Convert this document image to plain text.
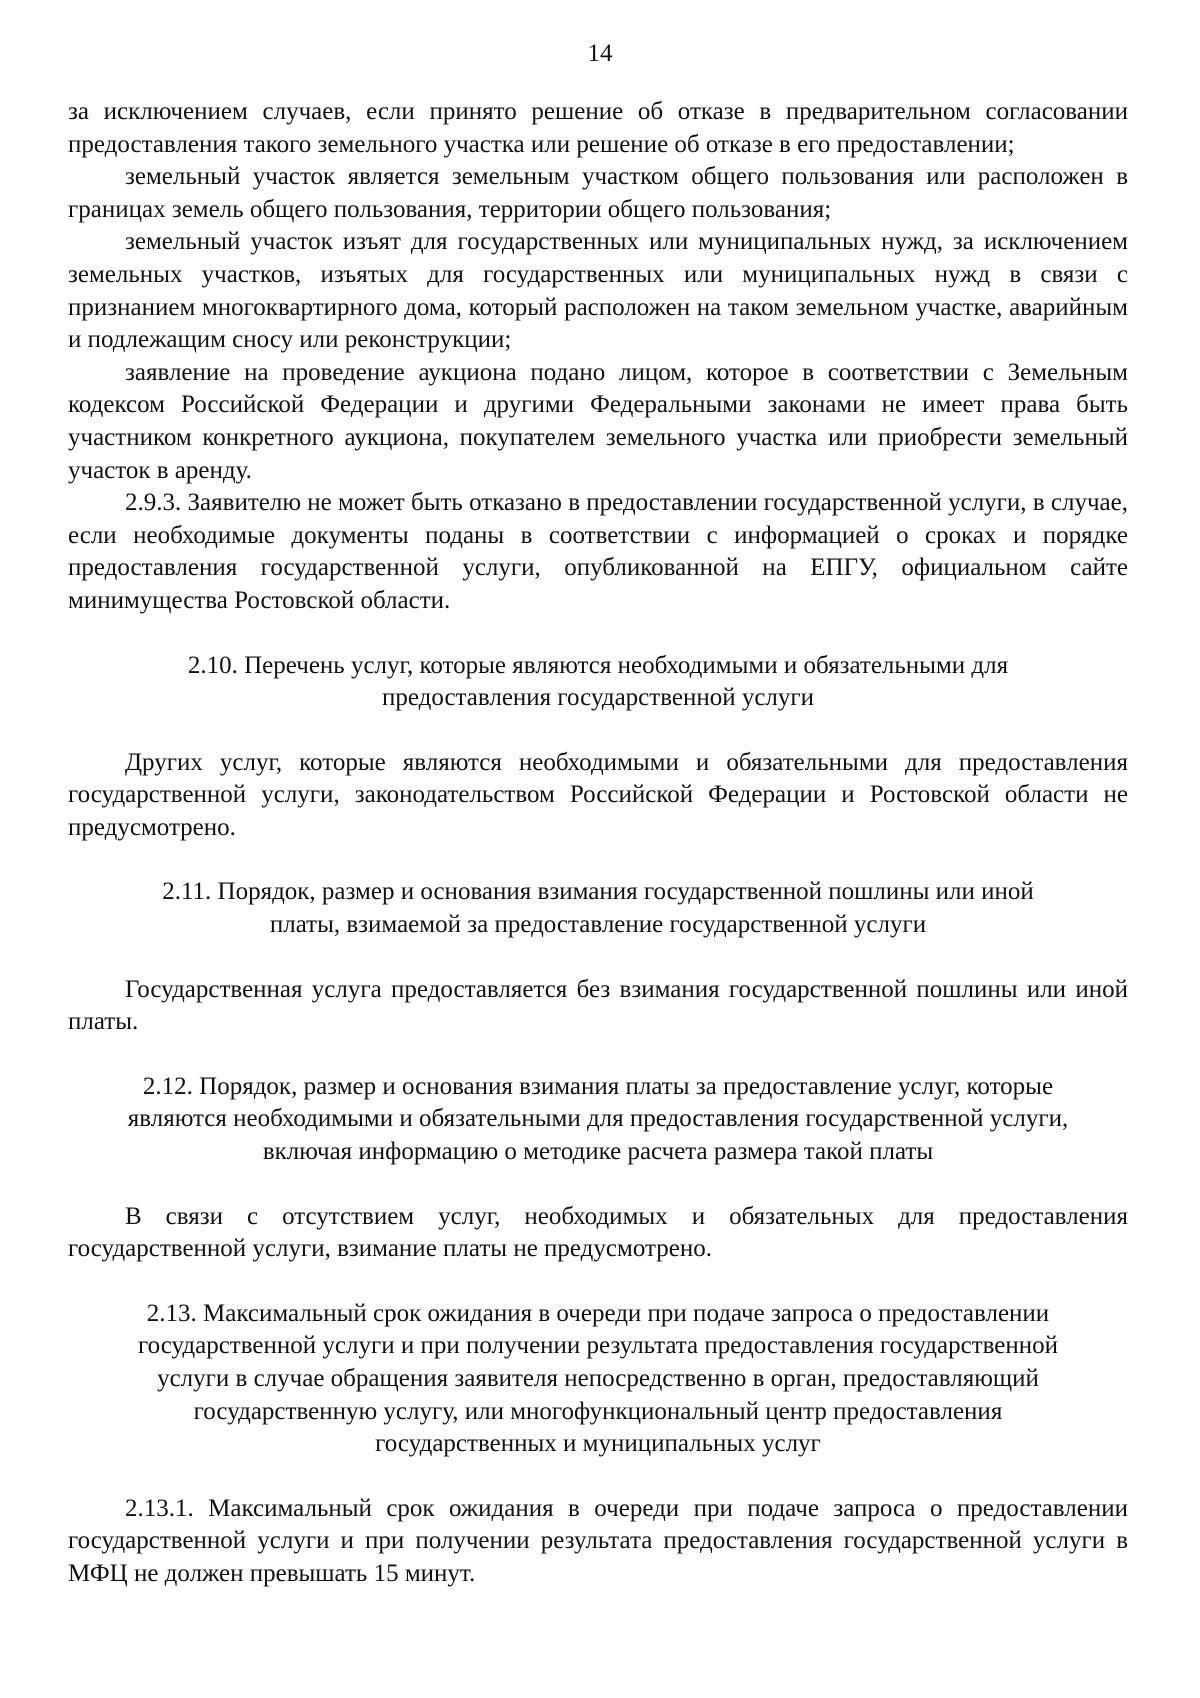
14

за исключением случаев, если принято решение об отказе в предварительном согласовании предоставления такого земельного участка или решение об отказе в его предоставлении;

земельный участок является земельным участком общего пользования или расположен в границах земель общего пользования, территории общего пользования;

земельный участок изъят для государственных или муниципальных нужд, за исключением земельных участков, изъятых для государственных или муниципальных нужд в связи с признанием многоквартирного дома, который расположен на таком земельном участке, аварийным и подлежащим сносу или реконструкции;

заявление на проведение аукциона подано лицом, которое в соответствии с Земельным кодексом Российской Федерации и другими Федеральными законами не имеет права быть участником конкретного аукциона, покупателем земельного участка или приобрести земельный участок в аренду.

2.9.3. Заявителю не может быть отказано в предоставлении государственной услуги, в случае, если необходимые документы поданы в соответствии с информацией о сроках и порядке предоставления государственной услуги, опубликованной на ЕПГУ, официальном сайте минимущества Ростовской области.

2.10. Перечень услуг, которые являются необходимыми и обязательными для
предоставления государственной услуги

Других услуг, которые являются необходимыми и обязательными для предоставления государственной услуги, законодательством Российской Федерации и Ростовской области не предусмотрено.

2.11. Порядок, размер и основания взимания государственной пошлины или иной
платы, взимаемой за предоставление государственной услуги

Государственная услуга предоставляется без взимания государственной пошлины или иной платы.

2.12. Порядок, размер и основания взимания платы за предоставление услуг, которые
являются необходимыми и обязательными для предоставления государственной услуги,
включая информацию о методике расчета размера такой платы

В связи с отсутствием услуг, необходимых и обязательных для предоставления государственной услуги, взимание платы не предусмотрено.

2.13. Максимальный срок ожидания в очереди при подаче запроса о предоставлении
государственной услуги и при получении результата предоставления государственной
услуги в случае обращения заявителя непосредственно в орган, предоставляющий
государственную услугу, или многофункциональный центр предоставления
государственных и муниципальных услуг

2.13.1. Максимальный срок ожидания в очереди при подаче запроса о предоставлении государственной услуги и при получении результата предоставления государственной услуги в МФЦ не должен превышать 15 минут.
